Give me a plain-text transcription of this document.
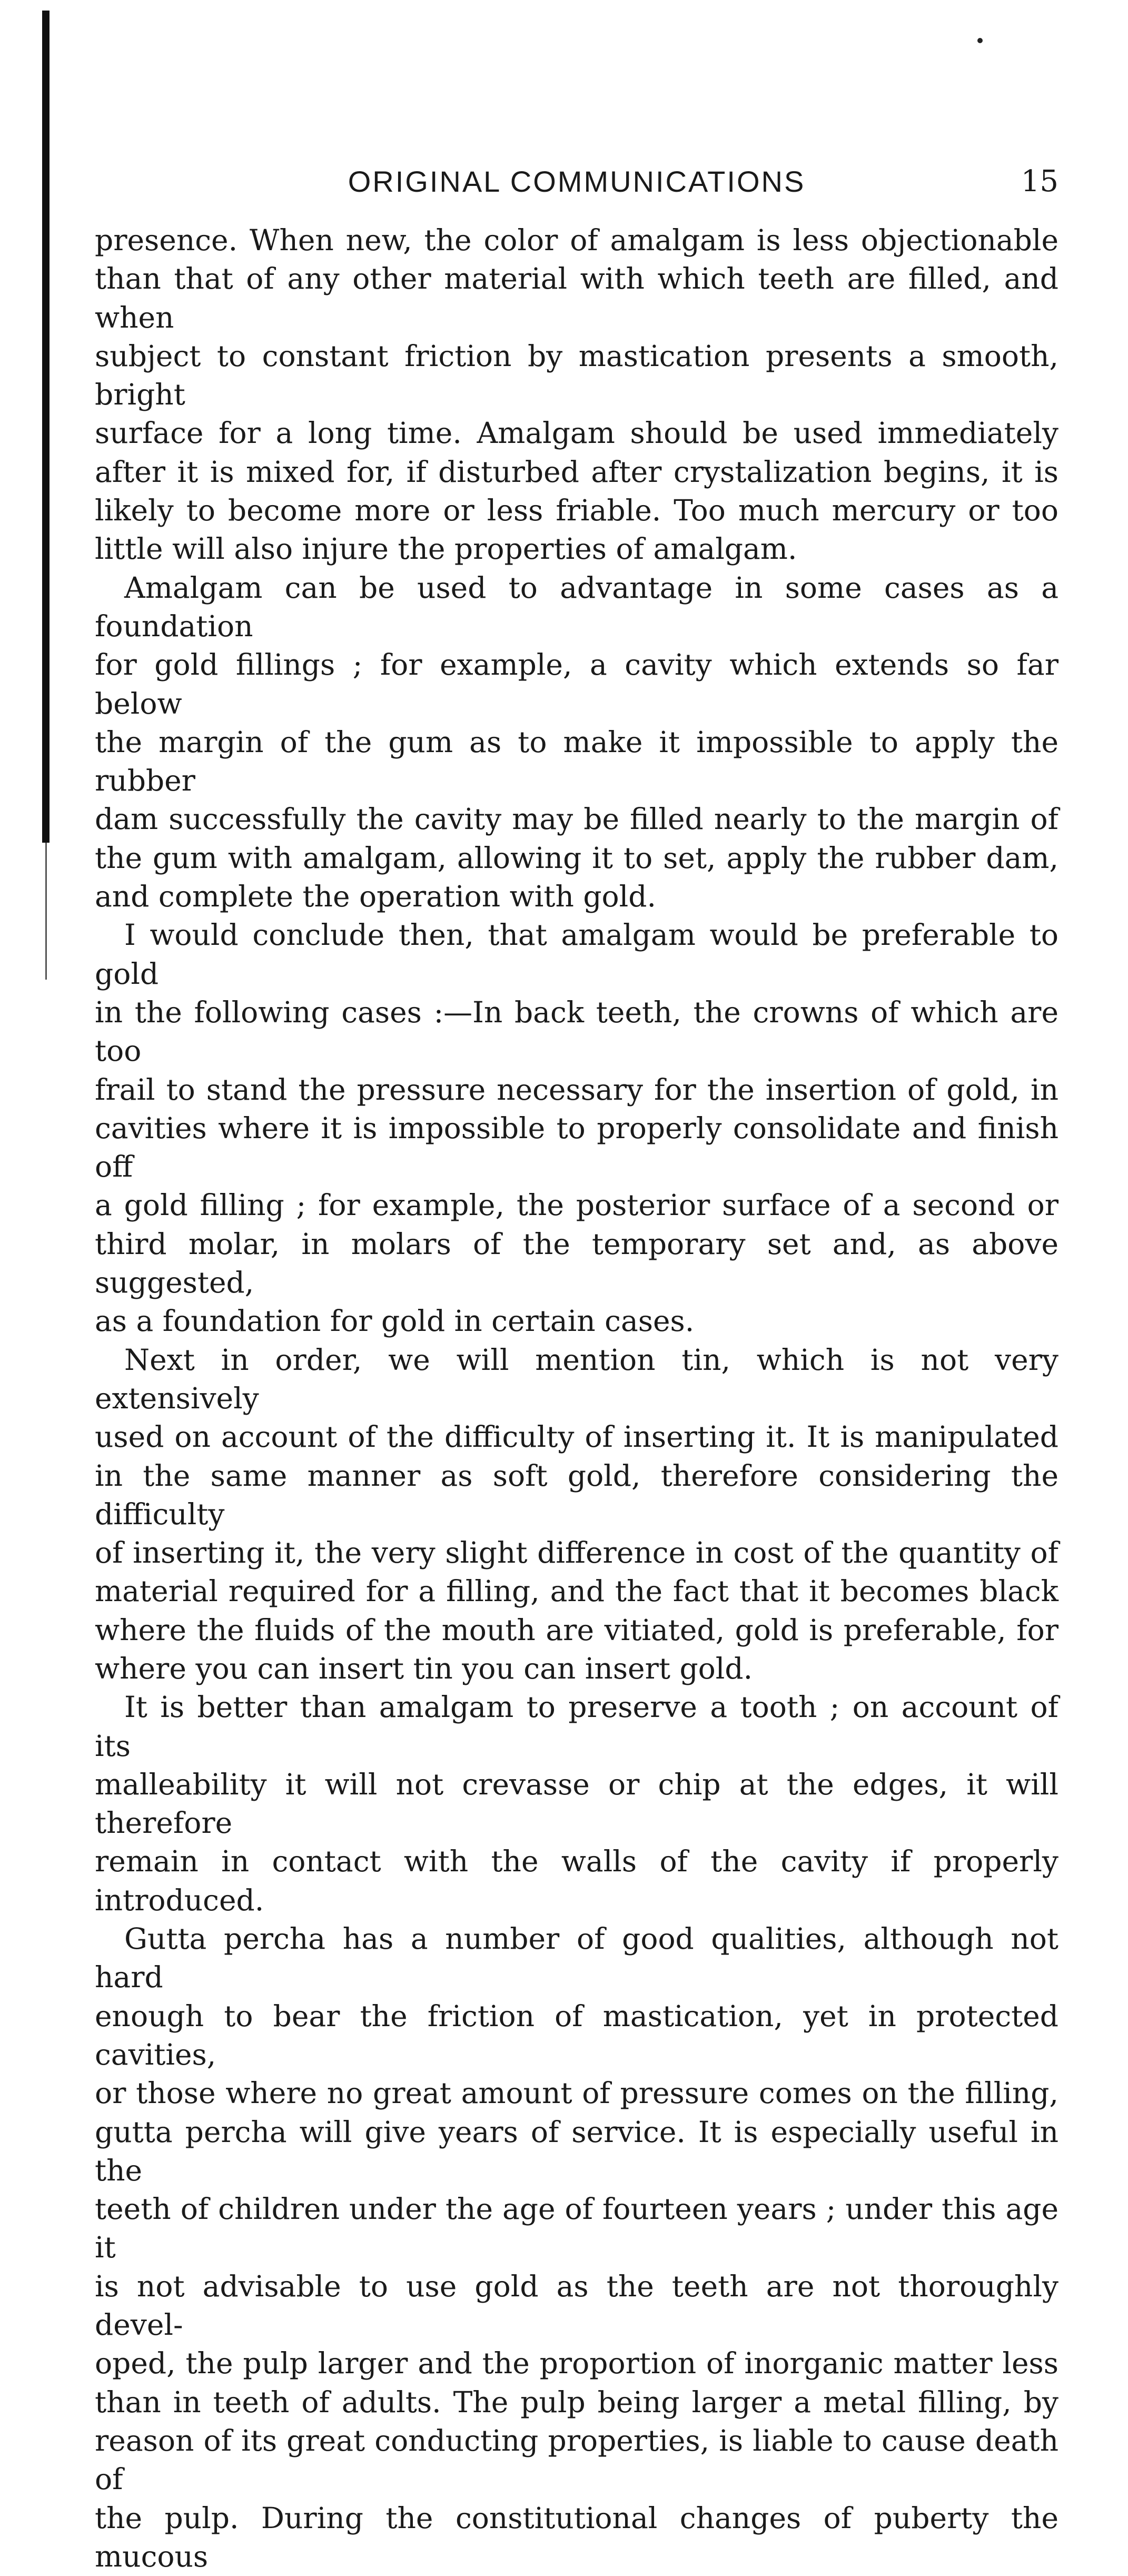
ORIGINAL COMMUNICATIONS	15

presence. When new, the color of amalgam is less objectionable

than that of any other material with which teeth are filled, and when

subject to constant friction by mastication presents a smooth, bright

surface for a long time. Amalgam should be used immediately

after it is mixed for, if disturbed after crystalization begins, it is

likely to become more or less friable. Too much mercury or too

little will also injure the properties of amalgam.

Amalgam can be used to advantage in some cases as a foundation

for gold fillings ; for example, a cavity which extends so far below

the margin of the gum as to make it impossible to apply the rubber

dam successfully the cavity may be filled nearly to the margin of

the gum with amalgam, allowing it to set, apply the rubber dam,

and complete the operation with gold.

I would conclude then, that amalgam would be preferable to gold

in the following cases :—In back teeth, the crowns of which are too

frail to stand the pressure necessary for the insertion of gold, in

cavities where it is impossible to properly consolidate and finish off

a gold filling ; for example, the posterior surface of a second or

third molar, in molars of the temporary set and, as above suggested,

as a foundation for gold in certain cases.

Next in order, we will mention tin, which is not very extensively

used on account of the difficulty of inserting it. It is manipulated

in the same manner as soft gold, therefore considering the difficulty

of inserting it, the very slight difference in cost of the quantity of

material required for a filling, and the fact that it becomes black

where the fluids of the mouth are vitiated, gold is preferable, for

where you can insert tin you can insert gold.

It is better than amalgam to preserve a tooth ; on account of its

malleability it will not crevasse or chip at the edges, it will therefore

remain in contact with the walls of the cavity if properly introduced.

Gutta percha has a number of good qualities, although not hard

enough to bear the friction of mastication, yet in protected cavities,

or those where no great amount of pressure comes on the filling,

gutta percha will give years of service. It is especially useful in the

teeth of children under the age of fourteen years ; under this age it

is not advisable to use gold as the teeth are not thoroughly devel-

oped, the pulp larger and the proportion of inorganic matter less

than in teeth of adults. The pulp being larger a metal filling, by

reason of its great conducting properties, is liable to cause death of

the pulp. During the constitutional changes of puberty the mucous
